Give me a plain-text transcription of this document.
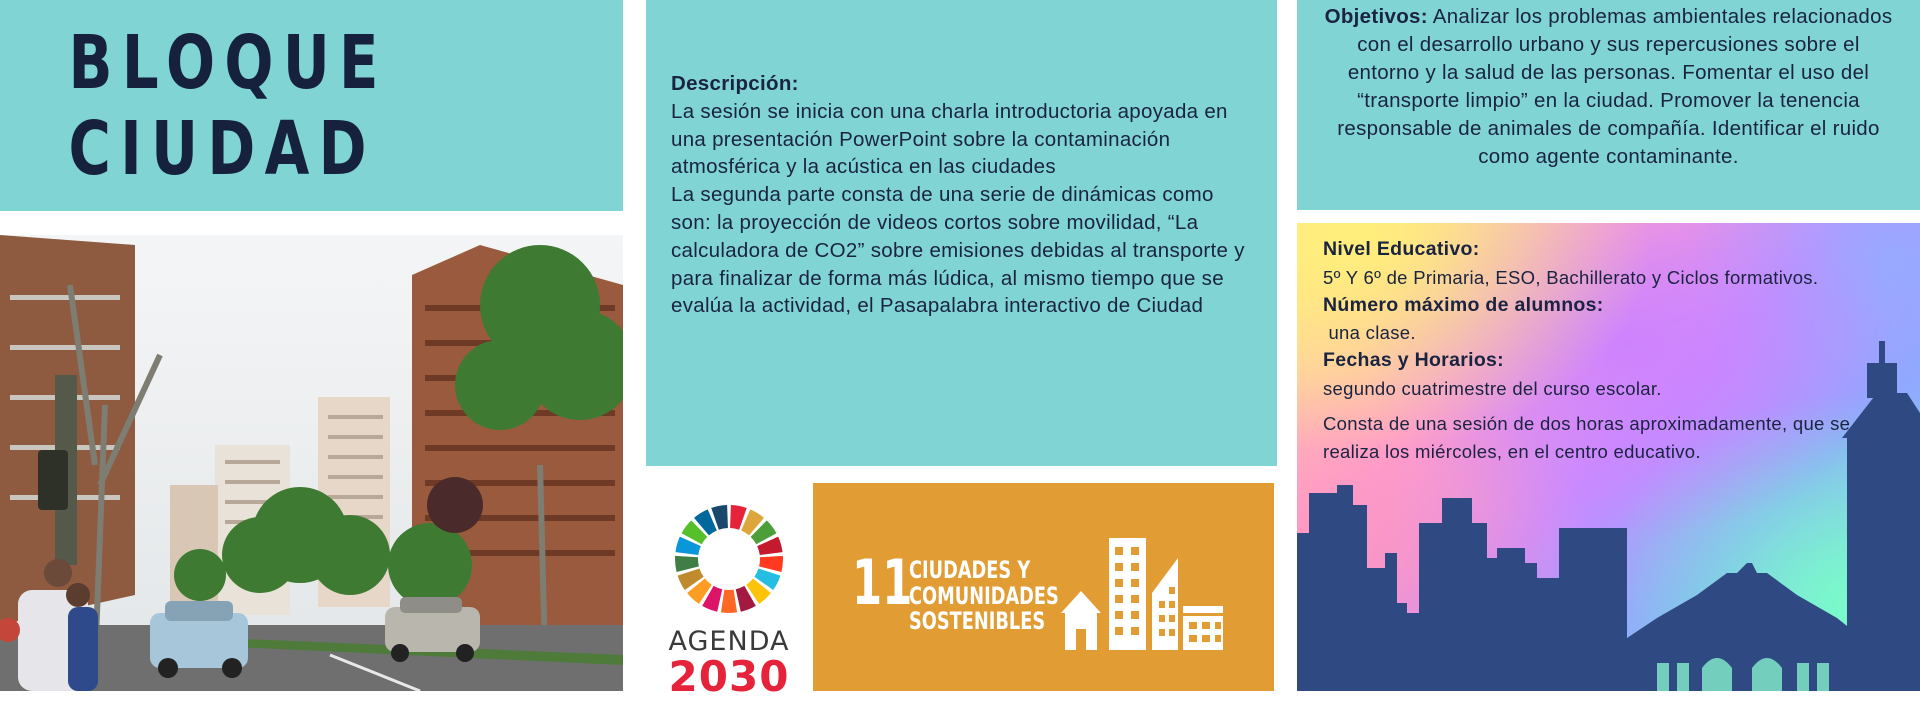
BLOQUE CIUDAD

Descripción:

La sesión se inicia con una charla introductoria apoyada en una presentación PowerPoint sobre la contaminación atmosférica y la acústica en las ciudades

La segunda parte consta de una serie de dinámicas como son: la proyección de videos cortos sobre movilidad, “La calculadora de CO2” sobre emisiones debidas al transporte y para finalizar de forma más lúdica, al mismo tiempo que se evalúa la actividad, el Pasapalabra interactivo de Ciudad

Objetivos: Analizar los problemas ambientales relacionados con el desarrollo urbano y sus repercusiones sobre el entorno y la salud de las personas. Fomentar el uso del “transporte limpio” en la ciudad. Promover la tenencia responsable de animales de compañía. Identificar el ruido como agente contaminante.

Nivel Educativo:

5º Y 6º de Primaria, ESO, Bachillerato y Ciclos formativos.

Número máximo de alumnos:

una clase.

Fechas y Horarios:

segundo cuatrimestre del curso escolar.

Consta de una sesión de dos horas aproximadamente, que se realiza los miércoles, en el centro educativo.

AGENDA
2030
11
CIUDADES Y
COMUNIDADES
SOSTENIBLES
